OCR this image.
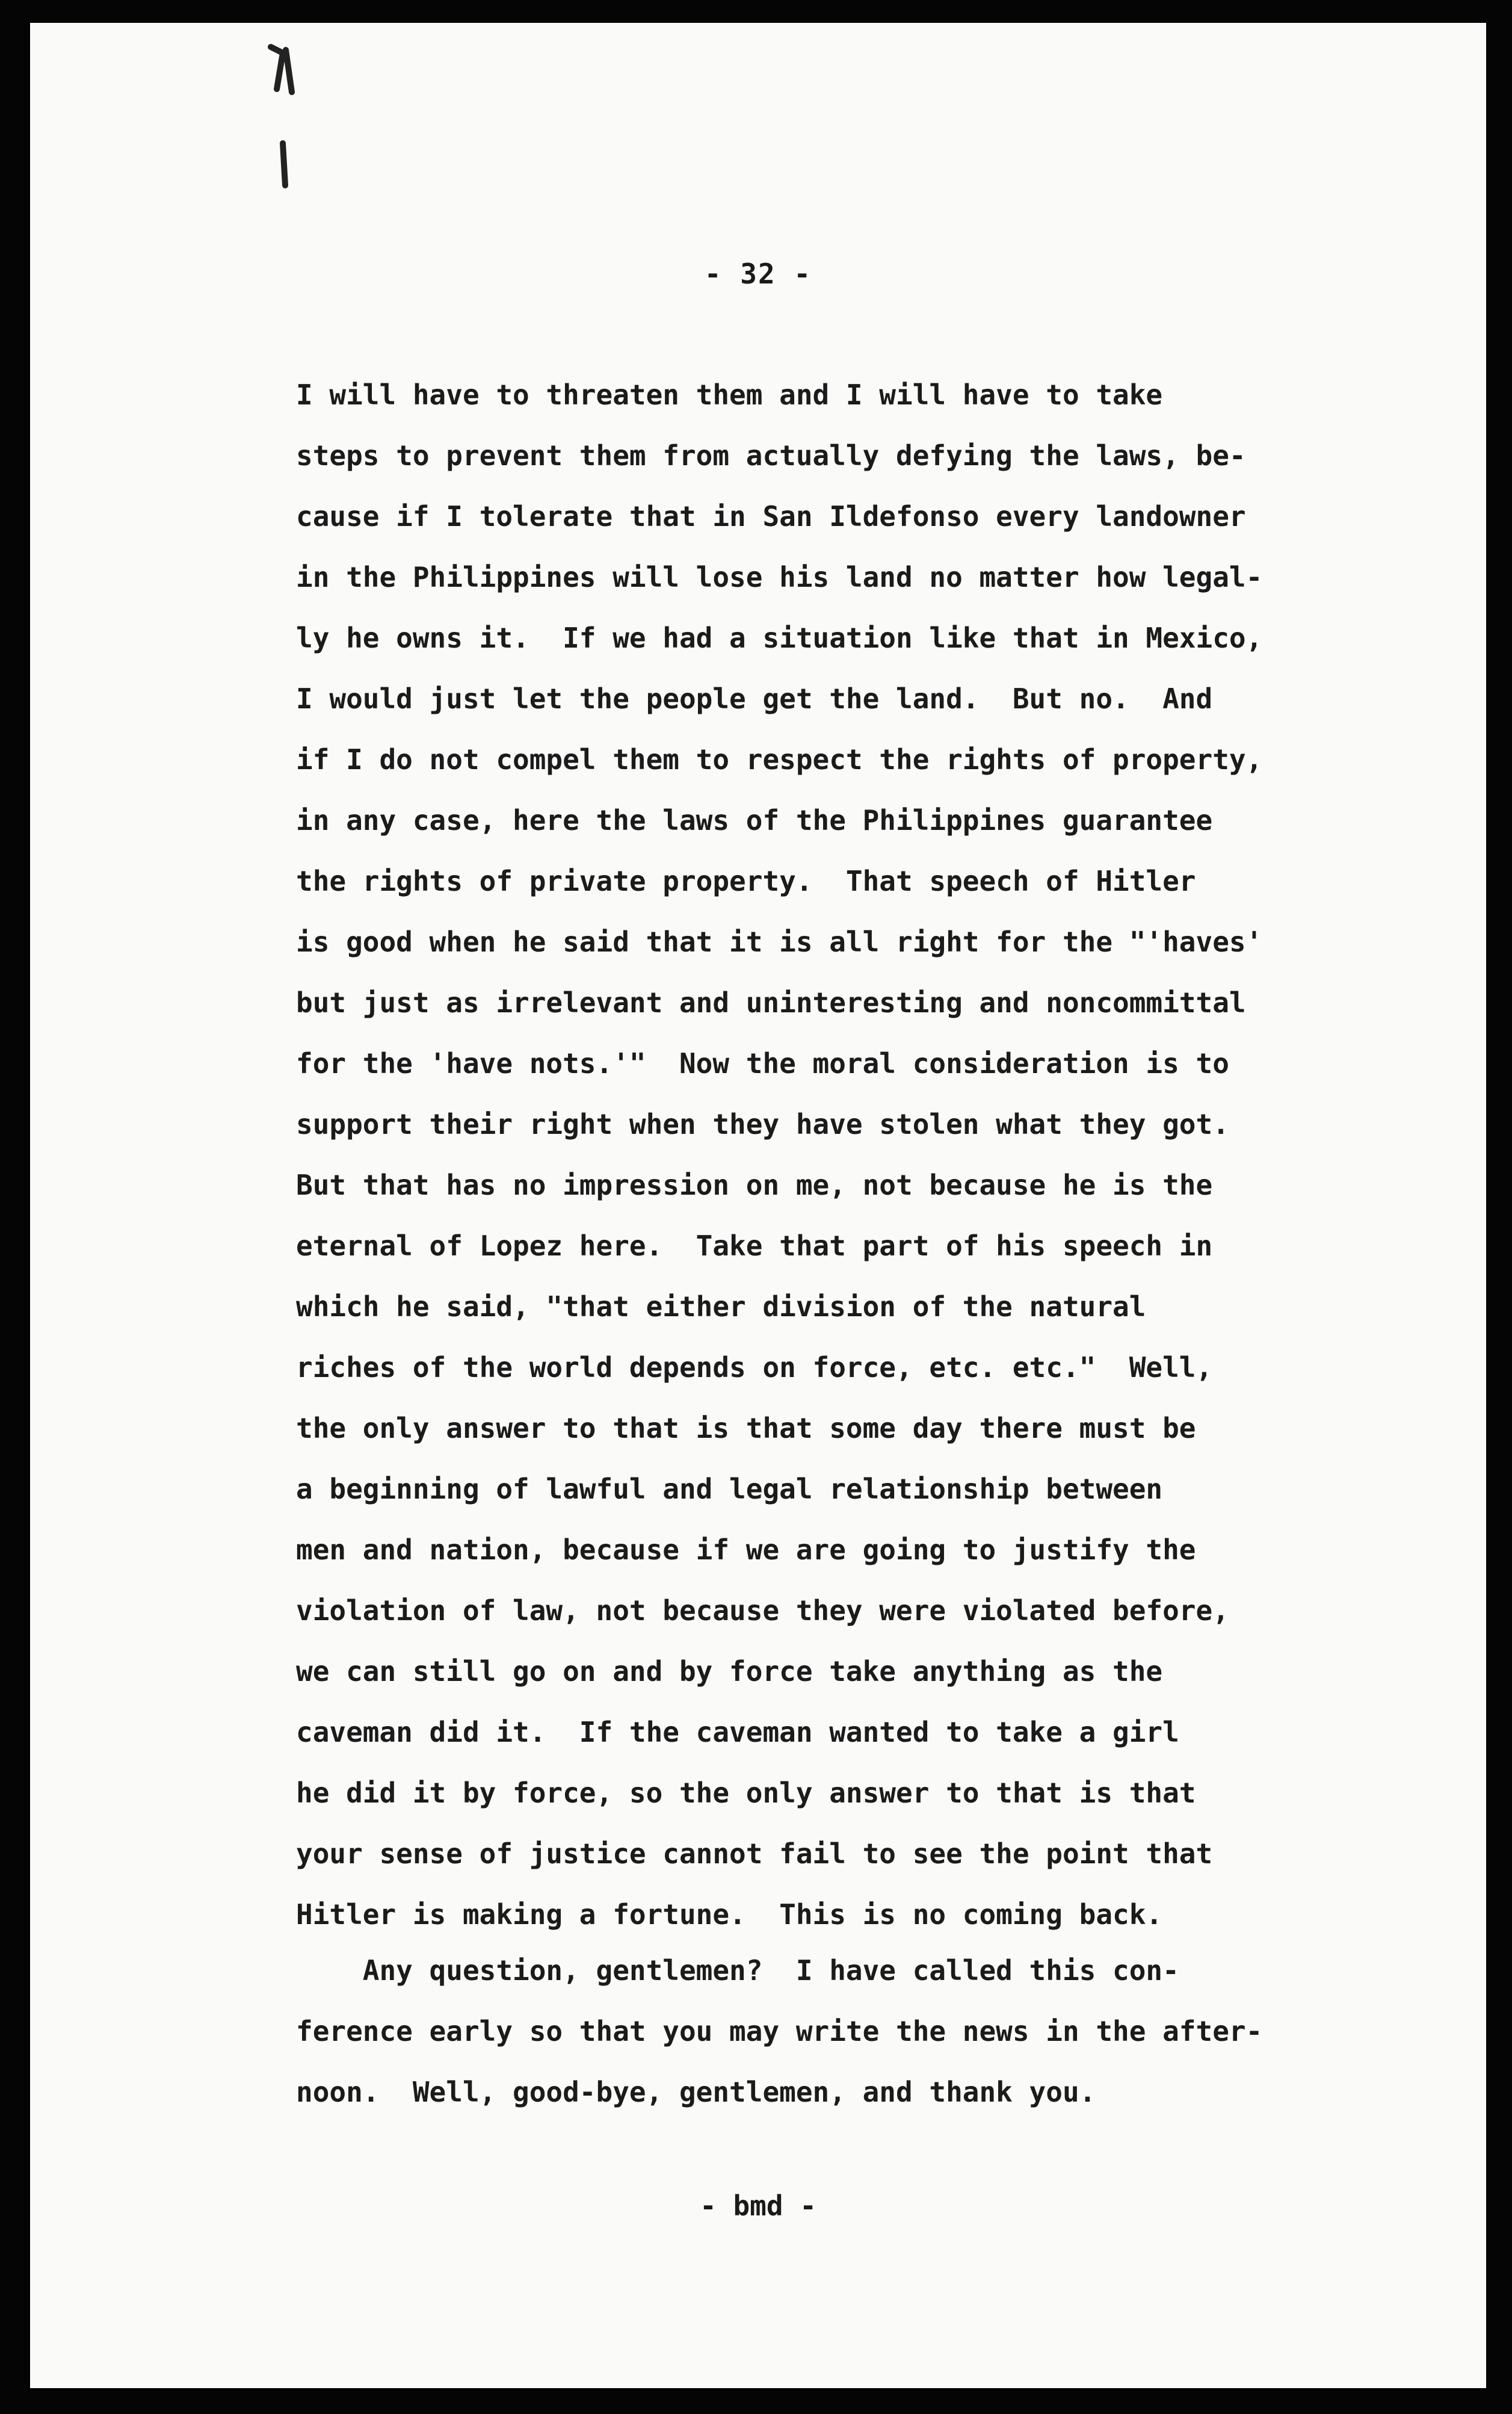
- 32 -
I will have to threaten them and I will have to take
steps to prevent them from actually defying the laws, be-
cause if I tolerate that in San Ildefonso every landowner
in the Philippines will lose his land no matter how legal-
ly he owns it.  If we had a situation like that in Mexico,
I would just let the people get the land.  But no.  And
if I do not compel them to respect the rights of property,
in any case, here the laws of the Philippines guarantee
the rights of private property.  That speech of Hitler
is good when he said that it is all right for the "'haves'
but just as irrelevant and uninteresting and noncommittal
for the 'have nots.'"  Now the moral consideration is to
support their right when they have stolen what they got.
But that has no impression on me, not because he is the
eternal of Lopez here.  Take that part of his speech in
which he said, "that either division of the natural
riches of the world depends on force, etc. etc."  Well,
the only answer to that is that some day there must be
a beginning of lawful and legal relationship between
men and nation, because if we are going to justify the
violation of law, not because they were violated before,
we can still go on and by force take anything as the
caveman did it.  If the caveman wanted to take a girl
he did it by force, so the only answer to that is that
your sense of justice cannot fail to see the point that
Hitler is making a fortune.  This is no coming back.
Any question, gentlemen?  I have called this con-
ference early so that you may write the news in the after-
noon.  Well, good-bye, gentlemen, and thank you.
- bmd -
